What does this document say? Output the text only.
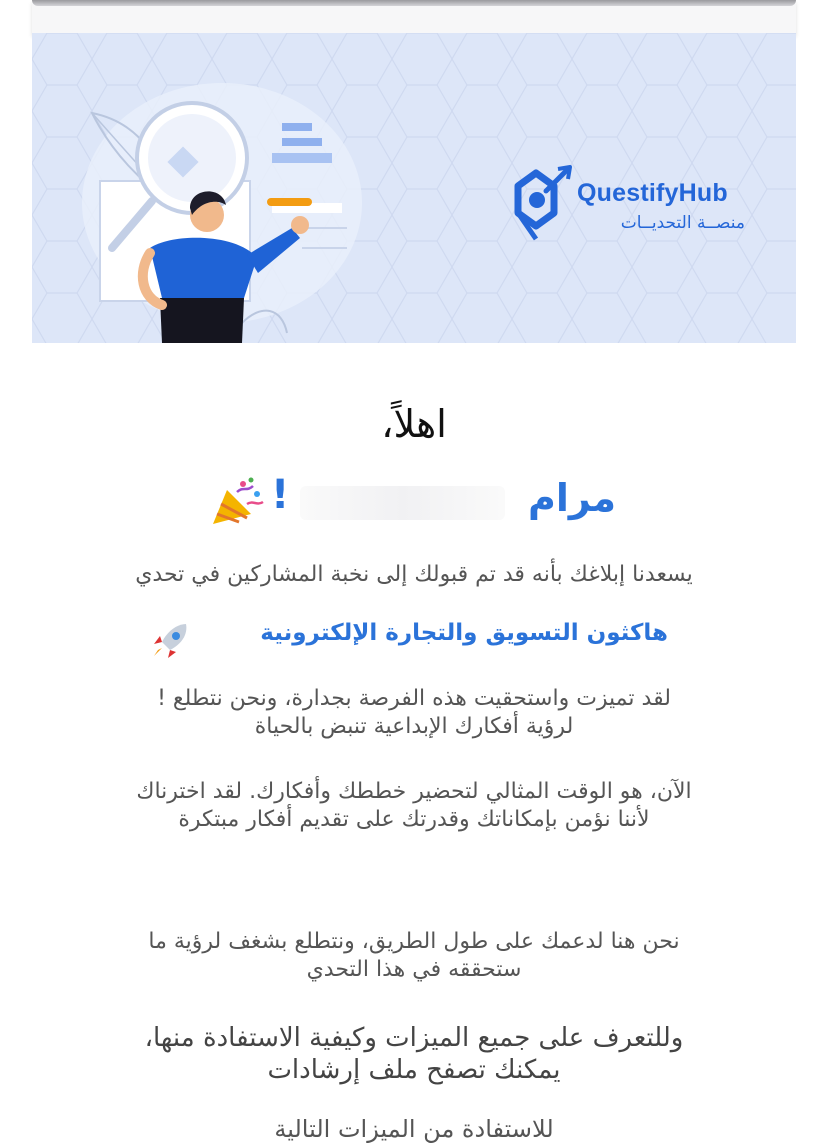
QuestifyHub
منصــة التحديــات
اهلاً،
مرام
!
يسعدنا إبلاغك بأنه قد تم قبولك إلى نخبة المشاركين في تحدي
هاكثون التسويق والتجارة الإلكترونية
لقد تميزت واستحقيت هذه الفرصة بجدارة، ونحن نتطلع !
لرؤية أفكارك الإبداعية تنبض بالحياة
الآن، هو الوقت المثالي لتحضير خططك وأفكارك. لقد اخترناك
لأننا نؤمن بإمكاناتك وقدرتك على تقديم أفكار مبتكرة
نحن هنا لدعمك على طول الطريق، ونتطلع بشغف لرؤية ما
ستحققه في هذا التحدي
وللتعرف على جميع الميزات وكيفية الاستفادة منها،
يمكنك تصفح ملف إرشادات
للاستفادة من الميزات التالية
